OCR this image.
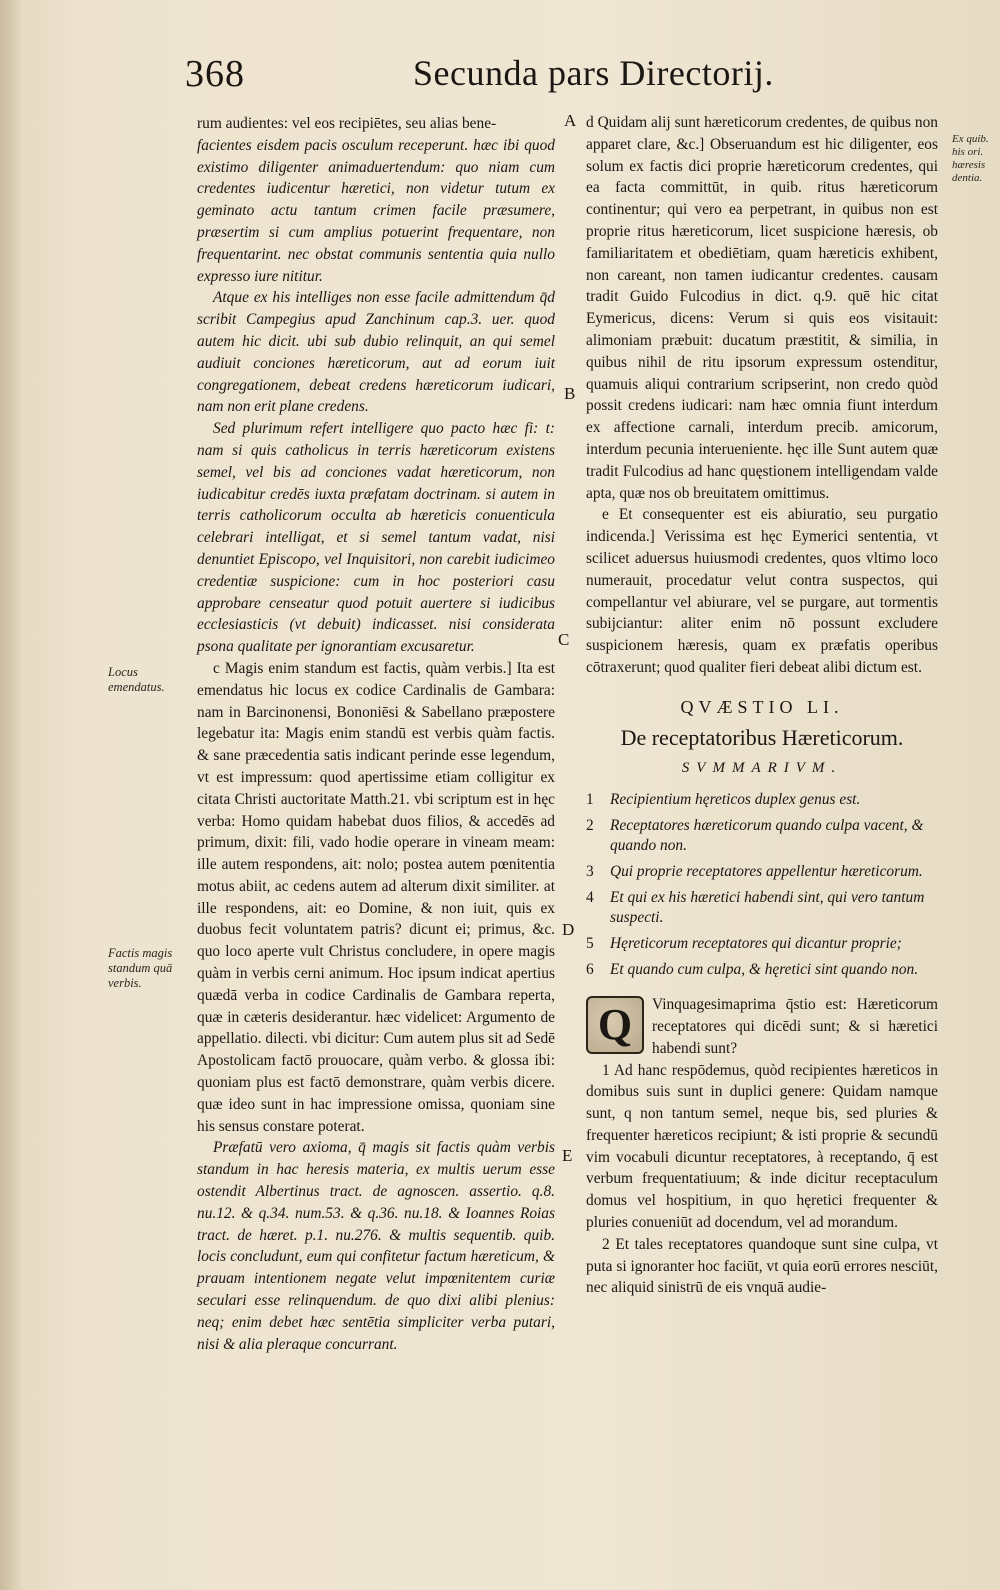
368	Secunda pars Directorij.
Locus emendatus.
Factis magis standum quā verbis.
Ex quib. his ori. hæresis dentia.
A
B
C
D
E

rum audientes: vel eos recipiētes, seu alias bene-

facientes eisdem pacis osculum receperunt. hæc ibi quod existimo diligenter animaduertendum: quo niam cum credentes iudicentur hæretici, non videtur tutum ex geminato actu tantum crimen facile præsumere, præsertim si cum amplius potuerint frequentare, non frequentarint. nec obstat communis sententia quia nullo expresso iure nititur.

Atque ex his intelliges non esse facile admittendum q̄d scribit Campegius apud Zanchinum cap.3. uer. quod autem hic dicit. ubi sub dubio relinquit, an qui semel audiuit conciones hæreticorum, aut ad eorum iuit congregationem, debeat credens hæreticorum iudicari, nam non erit plane credens.

Sed plurimum refert intelligere quo pacto hæc fi: t: nam si quis catholicus in terris hæreticorum existens semel, vel bis ad conciones vadat hæreticorum, non iudicabitur credēs iuxta præfatam doctrinam. si autem in terris catholicorum occulta ab hæreticis conuenticula celebrari intelligat, et si semel tantum vadat, nisi denuntiet Episcopo, vel Inquisitori, non carebit iudicimeo credentiæ suspicione: cum in hoc posteriori casu approbare censeatur quod potuit auertere si iudicibus ecclesiasticis (vt debuit) indicasset. nisi considerata psona qualitate per ignorantiam excusaretur.

c Magis enim standum est factis, quàm verbis.] Ita est emendatus hic locus ex codice Cardinalis de Gambara: nam in Barcinonensi, Bononiēsi & Sabellano præpostere legebatur ita: Magis enim standū est verbis quàm factis. & sane præcedentia satis indicant perinde esse legendum, vt est impressum: quod apertissime etiam colligitur ex citata Christi auctoritate Matth.21. vbi scriptum est in hęc verba: Homo quidam habebat duos filios, & accedēs ad primum, dixit: fili, vado hodie operare in vineam meam: ille autem respondens, ait: nolo; postea autem pœnitentia motus abiit, ac cedens autem ad alterum dixit similiter. at ille respondens, ait: eo Domine, & non iuit, quis ex duobus fecit voluntatem patris? dicunt ei; primus, &c. quo loco aperte vult Christus concludere, in opere magis quàm in verbis cerni animum. Hoc ipsum indicat apertius quædā verba in codice Cardinalis de Gambara reperta, quæ in cæteris desiderantur. hæc videlicet: Argumento de appellatio. dilecti. vbi dicitur: Cum autem plus sit ad Sedē Apostolicam factō prouocare, quàm verbo. & glossa ibi: quoniam plus est factō demonstrare, quàm verbis dicere. quæ ideo sunt in hac impressione omissa, quoniam sine his sensus constare poterat.

Præfatū vero axioma, q̄ magis sit factis quàm verbis standum in hac heresis materia, ex multis uerum esse ostendit Albertinus tract. de agnoscen. assertio. q.8. nu.12. & q.34. num.53. & q.36. nu.18. & Ioannes Roias tract. de hæret. p.1. nu.276. & multis sequentib. quib. locis concludunt, eum qui confitetur factum hæreticum, & prauam intentionem negate velut impœnitentem curiæ seculari esse relinquendum. de quo dixi alibi plenius: neq; enim debet hæc sentētia simpliciter verba putari, nisi & alia pleraque concurrant.

d Quidam alij sunt hæreticorum credentes, de quibus non apparet clare, &c.] Obseruandum est hic diligenter, eos solum ex factis dici proprie hæreticorum credentes, qui ea facta committūt, in quib. ritus hæreticorum continentur; qui vero ea perpetrant, in quibus non est proprie ritus hæreticorum, licet suspicione hæresis, ob familiaritatem et obediētiam, quam hæreticis exhibent, non careant, non tamen iudicantur credentes. causam tradit Guido Fulcodius in dict. q.9. quē hic citat Eymericus, dicens: Verum si quis eos visitauit: alimoniam præbuit: ducatum præstitit, & similia, in quibus nihil de ritu ipsorum expressum ostenditur, quamuis aliqui contrarium scripserint, non credo quòd possit credens iudicari: nam hæc omnia fiunt interdum ex affectione carnali, interdum precib. amicorum, interdum pecunia interueniente. hęc ille Sunt autem quæ tradit Fulcodius ad hanc quęstionem intelligendam valde apta, quæ nos ob breuitatem omittimus.

e Et consequenter est eis abiuratio, seu purgatio indicenda.] Verissima est hęc Eymerici sententia, vt scilicet aduersus huiusmodi credentes, quos vltimo loco numerauit, procedatur velut contra suspectos, qui compellantur vel abiurare, vel se purgare, aut tormentis subijciantur: aliter enim nō possunt excludere suspicionem hæresis, quam ex præfatis operibus cōtraxerunt; quod qualiter fieri debeat alibi dictum est.

QVÆSTIO LI.
De receptatoribus Hæreticorum.
SVMMARIVM.
1	Recipientium hęreticos duplex genus est.
2	Receptatores hæreticorum quando culpa vacent, & quando non.
3	Qui proprie receptatores appellentur hæreticorum.
4	Et qui ex his hæretici habendi sint, qui vero tantum suspecti.
5	Hęreticorum receptatores qui dicantur proprie;
6	Et quando cum culpa, & hęretici sint quando non.
Q	Vinquagesimaprima q̄stio est: Hæreticorum receptatores qui dicēdi sunt; & si hæretici habendi sunt?

1 Ad hanc respōdemus, quòd recipientes hæreticos in domibus suis sunt in duplici genere: Quidam namque sunt, q non tantum semel, neque bis, sed pluries & frequenter hæreticos recipiunt; & isti proprie & secundū vim vocabuli dicuntur receptatores, à receptando, q̄ est verbum frequentatiuum; & inde dicitur receptaculum domus vel hospitium, in quo hęretici frequenter & pluries conueniūt ad docendum, vel ad morandum.

2 Et tales receptatores quandoque sunt sine culpa, vt puta si ignoranter hoc faciūt, vt quia eorū errores nesciūt, nec aliquid sinistrū de eis vnquā audie-
